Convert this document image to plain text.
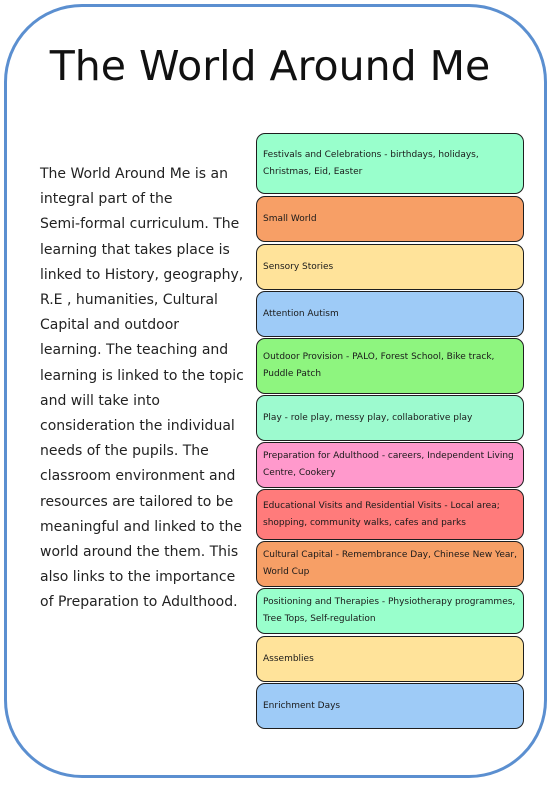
The World Around Me
The World Around Me is an
integral part of the
Semi-formal curriculum. The
learning that takes place is
linked to History, geography,
R.E , humanities, Cultural
Capital and outdoor
learning. The teaching and
learning is linked to the topic
and will take into
consideration the individual
needs of the pupils. The
classroom environment and
resources are tailored to be
meaningful and linked to the
world around the them. This
also links to the importance
of Preparation to Adulthood.
Festivals and Celebrations - birthdays, holidays, Christmas, Eid, Easter
Small World
Sensory Stories
Attention Autism
Outdoor Provision - PALO, Forest School, Bike track, Puddle Patch
Play - role play, messy play, collaborative play
Preparation for Adulthood - careers, Independent Living Centre, Cookery
Educational Visits and Residential Visits - Local area; shopping, community walks, cafes and parks
Cultural Capital - Remembrance Day, Chinese New Year, World Cup
Positioning and Therapies - Physiotherapy programmes, Tree Tops, Self-regulation
Assemblies
Enrichment Days
